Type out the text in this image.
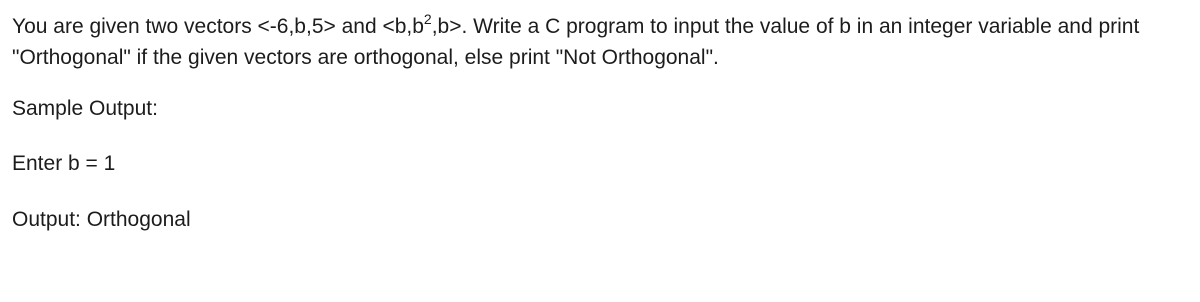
You are given two vectors <-6,b,5> and $<b,b^2,b>$. Write a C program to input the value of b in an integer variable and print "Orthogonal" if the given vectors are orthogonal, else print "Not Orthogonal".

Sample Output:

Enter b = 1

Output: Orthogonal
